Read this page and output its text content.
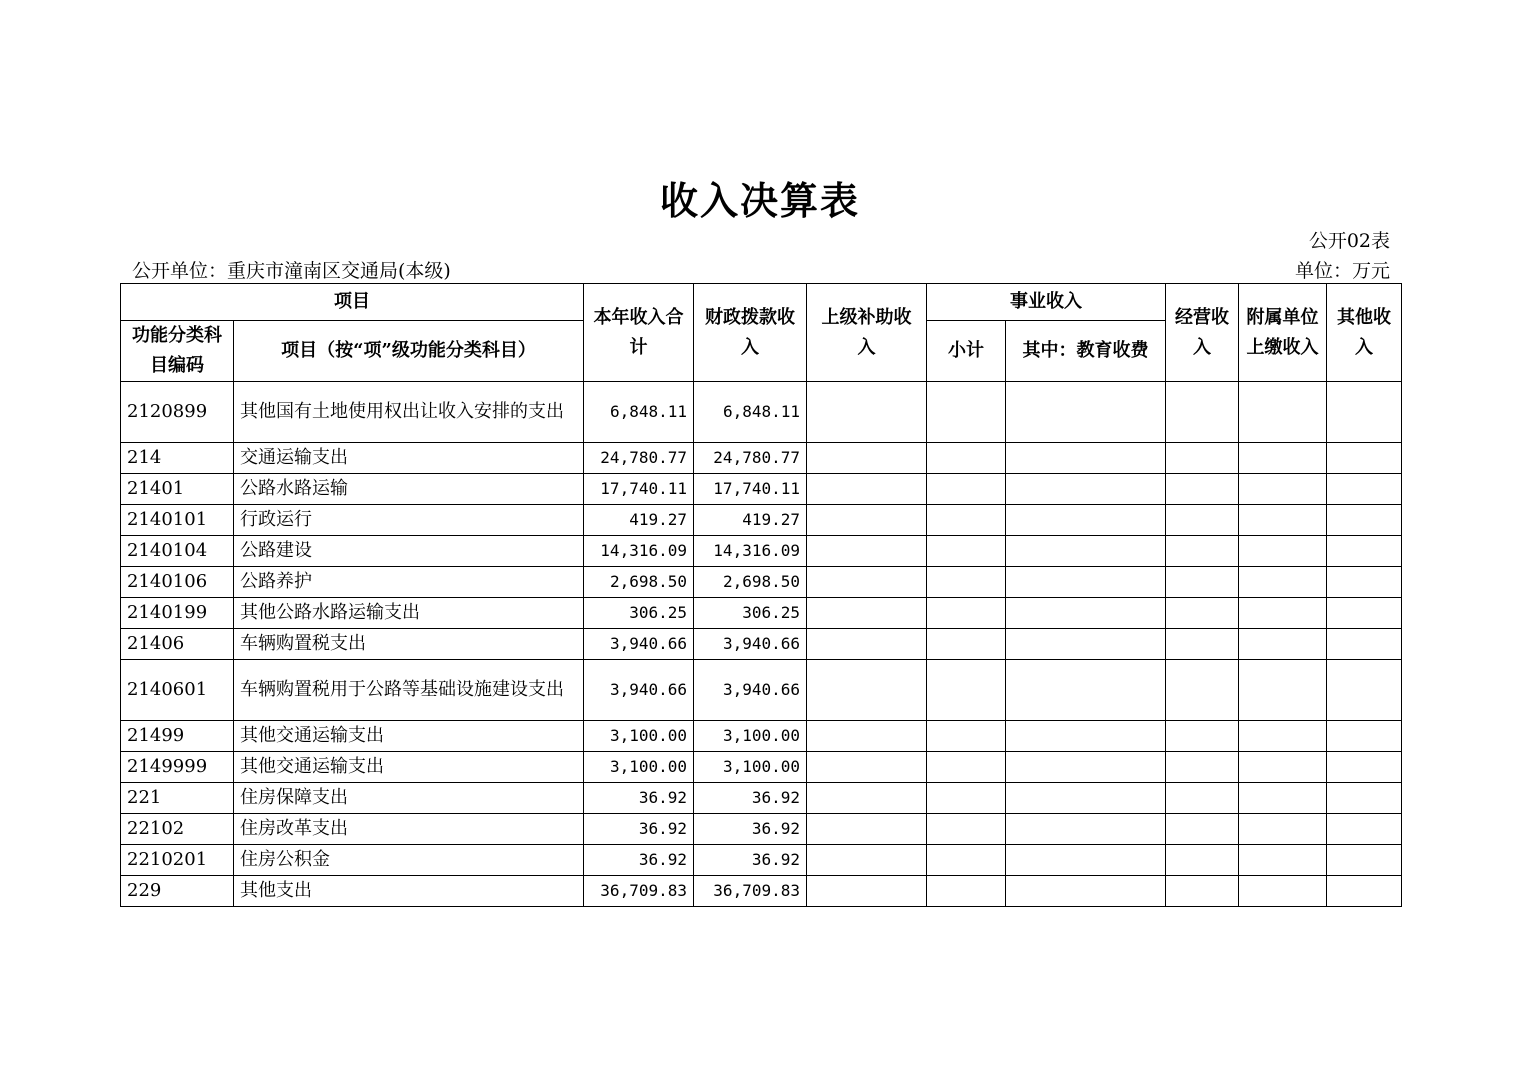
收入决算表
公开02表
公开单位：重庆市潼南区交通局(本级)	单位：万元
项目		本年收入合计	财政拨款收入	上级补助收入	事业收入		经营收入	附属单位上缴收入	其他收入
功能分类科目编码	项目（按“项”级功能分类科目）				小计	其中：教育收费			
2120899	其他国有土地使用权出让收入安排的支出	6,848.11	6,848.11						
214	交通运输支出	24,780.77	24,780.77						
21401	公路水路运输	17,740.11	17,740.11						
2140101	行政运行	419.27	419.27						
2140104	公路建设	14,316.09	14,316.09						
2140106	公路养护	2,698.50	2,698.50						
2140199	其他公路水路运输支出	306.25	306.25						
21406	车辆购置税支出	3,940.66	3,940.66						
2140601	车辆购置税用于公路等基础设施建设支出	3,940.66	3,940.66						
21499	其他交通运输支出	3,100.00	3,100.00						
2149999	其他交通运输支出	3,100.00	3,100.00						
221	住房保障支出	36.92	36.92						
22102	住房改革支出	36.92	36.92						
2210201	住房公积金	36.92	36.92						
229	其他支出	36,709.83	36,709.83						
